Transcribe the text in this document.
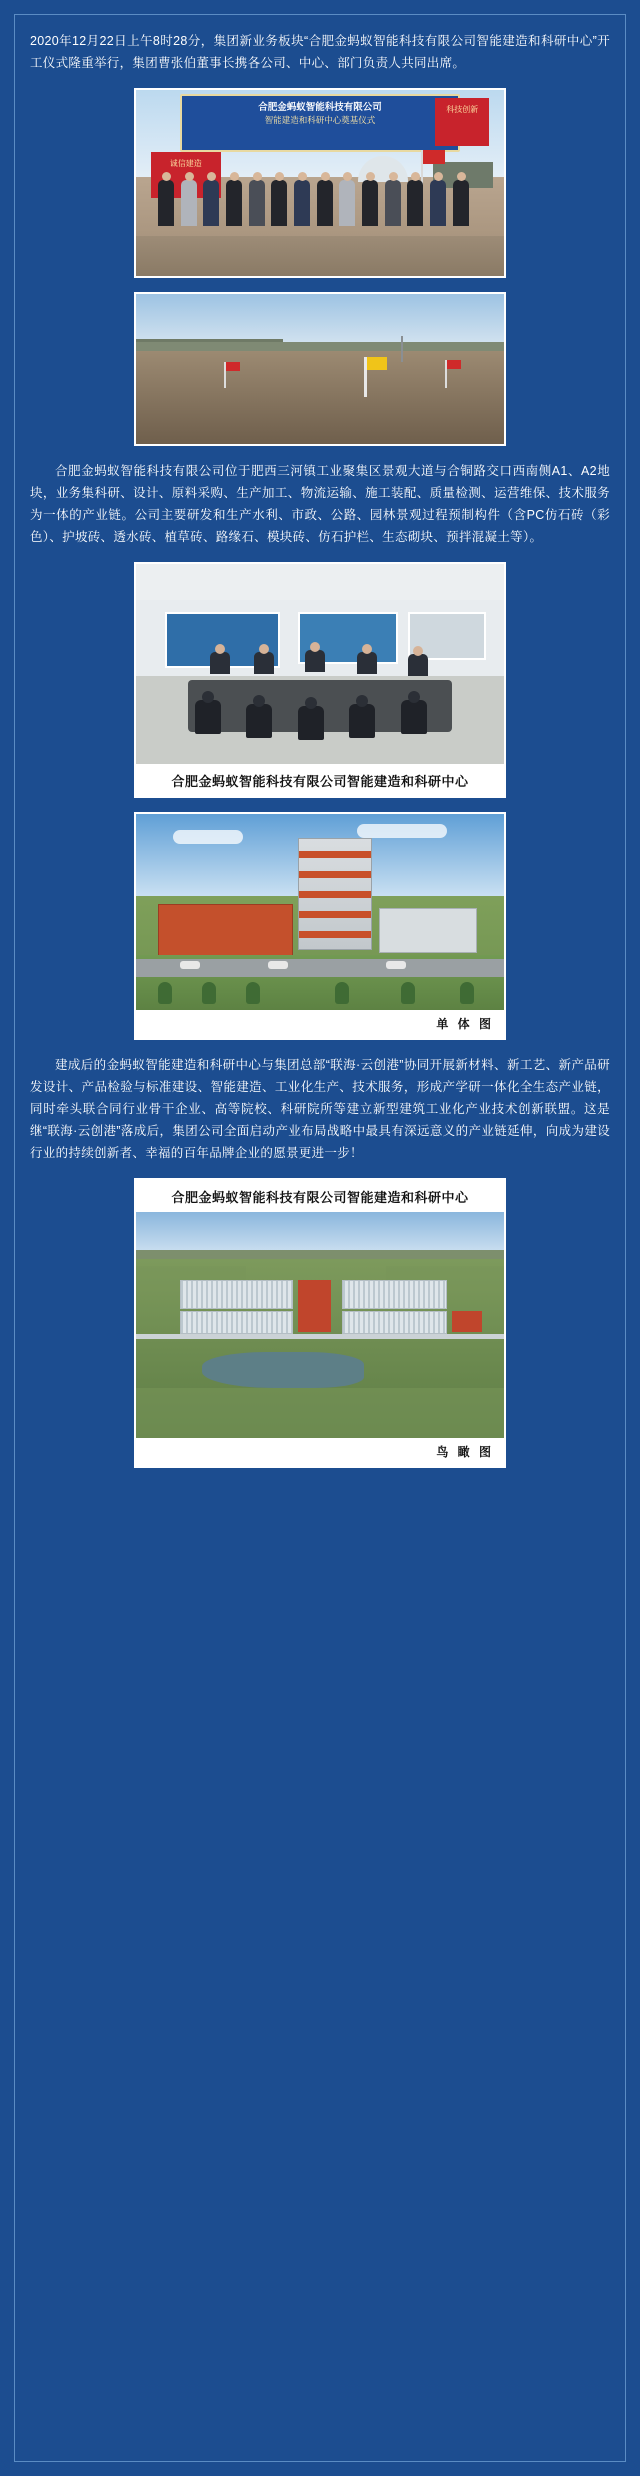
2020年12月22日上午8时28分，集团新业务板块“合肥金蚂蚁智能科技有限公司智能建造和科研中心”开工仪式隆重举行，集团曹张伯董事长携各公司、中心、部门负责人共同出席。

合肥金蚂蚁智能科技有限公司
智能建造和科研中心奠基仪式
诚信建造
科技创新

合肥金蚂蚁智能科技有限公司位于肥西三河镇工业聚集区景观大道与合铜路交口西南侧A1、A2地块，业务集科研、设计、原料采购、生产加工、物流运输、施工装配、质量检测、运营维保、技术服务为一体的产业链。公司主要研发和生产水利、市政、公路、园林景观过程预制构件（含PC仿石砖（彩色）、护坡砖、透水砖、植草砖、路缘石、模块砖、仿石护栏、生态砌块、预拌混凝土等）。

合肥金蚂蚁智能科技有限公司智能建造和科研中心
单 体 图

建成后的金蚂蚁智能建造和科研中心与集团总部“联海·云创港”协同开展新材料、新工艺、新产品研发设计、产品检验与标准建设、智能建造、工业化生产、技术服务，形成产学研一体化全生态产业链，同时牵头联合同行业骨干企业、高等院校、科研院所等建立新型建筑工业化产业技术创新联盟。这是继“联海·云创港”落成后，集团公司全面启动产业布局战略中最具有深远意义的产业链延伸，向成为建设行业的持续创新者、幸福的百年品牌企业的愿景更进一步！

合肥金蚂蚁智能科技有限公司智能建造和科研中心
鸟 瞰 图
